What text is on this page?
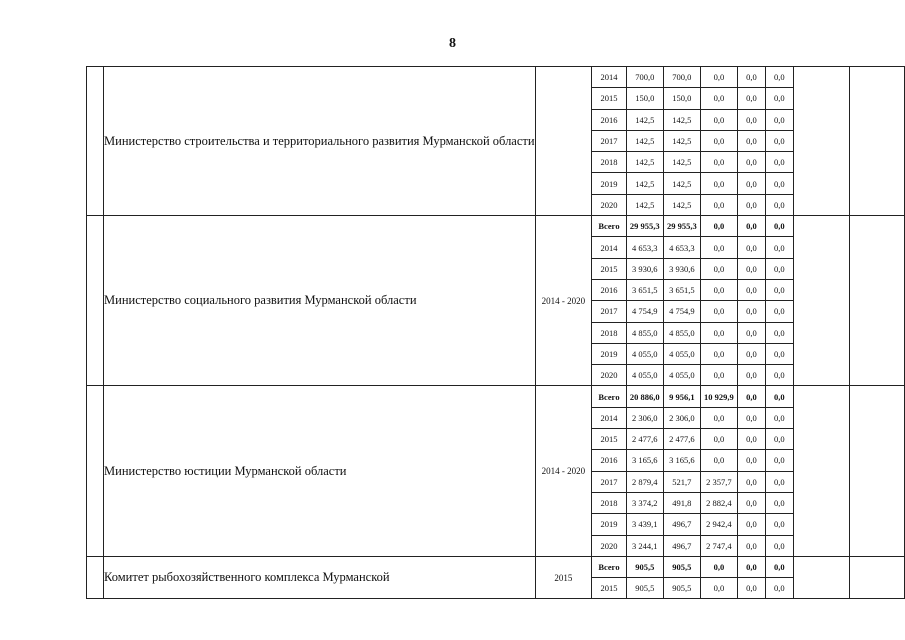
8
	Министерство строительства и территориального развития Мурманской области		2014	700,0	700,0	0,0	0,0	0,0		
			2015	150,0	150,0	0,0	0,0	0,0		
			2016	142,5	142,5	0,0	0,0	0,0		
			2017	142,5	142,5	0,0	0,0	0,0		
			2018	142,5	142,5	0,0	0,0	0,0		
			2019	142,5	142,5	0,0	0,0	0,0		
			2020	142,5	142,5	0,0	0,0	0,0		
	Министерство социального развития Мурманской области	2014 - 2020	Всего	29 955,3	29 955,3	0,0	0,0	0,0		
			2014	4 653,3	4 653,3	0,0	0,0	0,0		
			2015	3 930,6	3 930,6	0,0	0,0	0,0		
			2016	3 651,5	3 651,5	0,0	0,0	0,0		
			2017	4 754,9	4 754,9	0,0	0,0	0,0		
			2018	4 855,0	4 855,0	0,0	0,0	0,0		
			2019	4 055,0	4 055,0	0,0	0,0	0,0		
			2020	4 055,0	4 055,0	0,0	0,0	0,0		
	Министерство юстиции Мурманской области	2014 - 2020	Всего	20 886,0	9 956,1	10 929,9	0,0	0,0		
			2014	2 306,0	2 306,0	0,0	0,0	0,0		
			2015	2 477,6	2 477,6	0,0	0,0	0,0		
			2016	3 165,6	3 165,6	0,0	0,0	0,0		
			2017	2 879,4	521,7	2 357,7	0,0	0,0		
			2018	3 374,2	491,8	2 882,4	0,0	0,0		
			2019	3 439,1	496,7	2 942,4	0,0	0,0		
			2020	3 244,1	496,7	2 747,4	0,0	0,0		
	Комитет рыбохозяйственного комплекса Мурманской	2015	Всего	905,5	905,5	0,0	0,0	0,0		
			2015	905,5	905,5	0,0	0,0	0,0		
